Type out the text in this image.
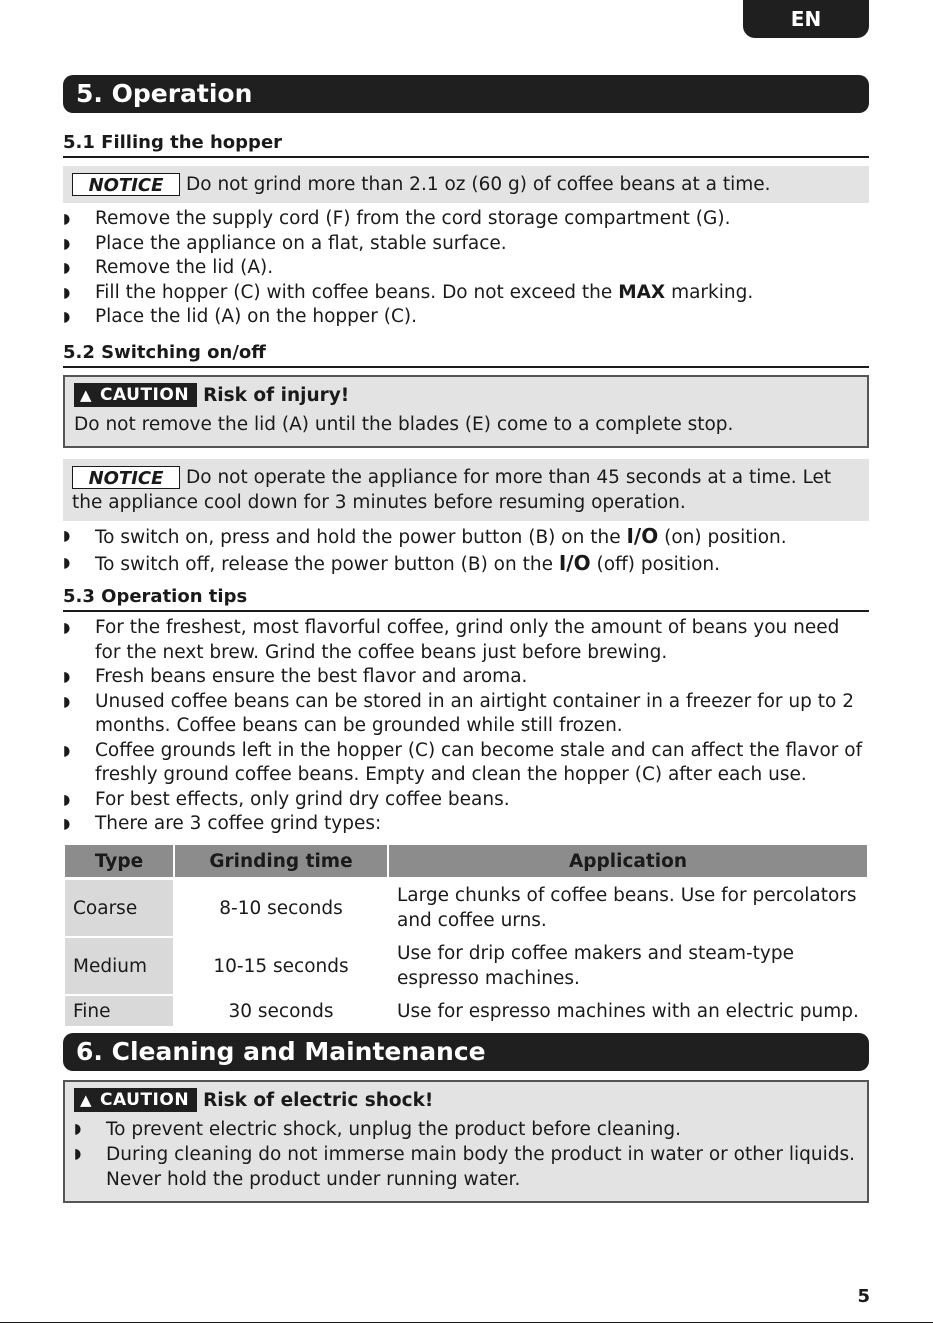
EN
5. Operation
5.1 Filling the hopper
NOTICE Do not grind more than 2.1 oz (60 g) of coffee beans at a time.
◗ Remove the supply cord (F) from the cord storage compartment (G).
◗ Place the appliance on a flat, stable surface.
◗ Remove the lid (A).
◗ Fill the hopper (C) with coffee beans. Do not exceed the MAX marking.
◗ Place the lid (A) on the hopper (C).
5.2 Switching on/off
▲ CAUTION Risk of injury!
Do not remove the lid (A) until the blades (E) come to a complete stop.
NOTICE Do not operate the appliance for more than 45 seconds at a time. Let the appliance cool down for 3 minutes before resuming operation.
◗ To switch on, press and hold the power button (B) on the I/O (on) position.
◗ To switch off, release the power button (B) on the I/O (off) position.
5.3 Operation tips
◗ For the freshest, most flavorful coffee, grind only the amount of beans you need for the next brew. Grind the coffee beans just before brewing.
◗ Fresh beans ensure the best flavor and aroma.
◗ Unused coffee beans can be stored in an airtight container in a freezer for up to 2 months. Coffee beans can be grounded while still frozen.
◗ Coffee grounds left in the hopper (C) can become stale and can affect the flavor of freshly ground coffee beans. Empty and clean the hopper (C) after each use.
◗ For best effects, only grind dry coffee beans.
◗ There are 3 coffee grind types:
Type	Grinding time	Application
Coarse	8-10 seconds	Large chunks of coffee beans. Use for percolators and coffee urns.
Medium	10-15 seconds	Use for drip coffee makers and steam-type espresso machines.
Fine	30 seconds	Use for espresso machines with an electric pump.
6. Cleaning and Maintenance
▲ CAUTION Risk of electric shock!
◗ To prevent electric shock, unplug the product before cleaning.
◗ During cleaning do not immerse main body the product in water or other liquids. Never hold the product under running water.
5
